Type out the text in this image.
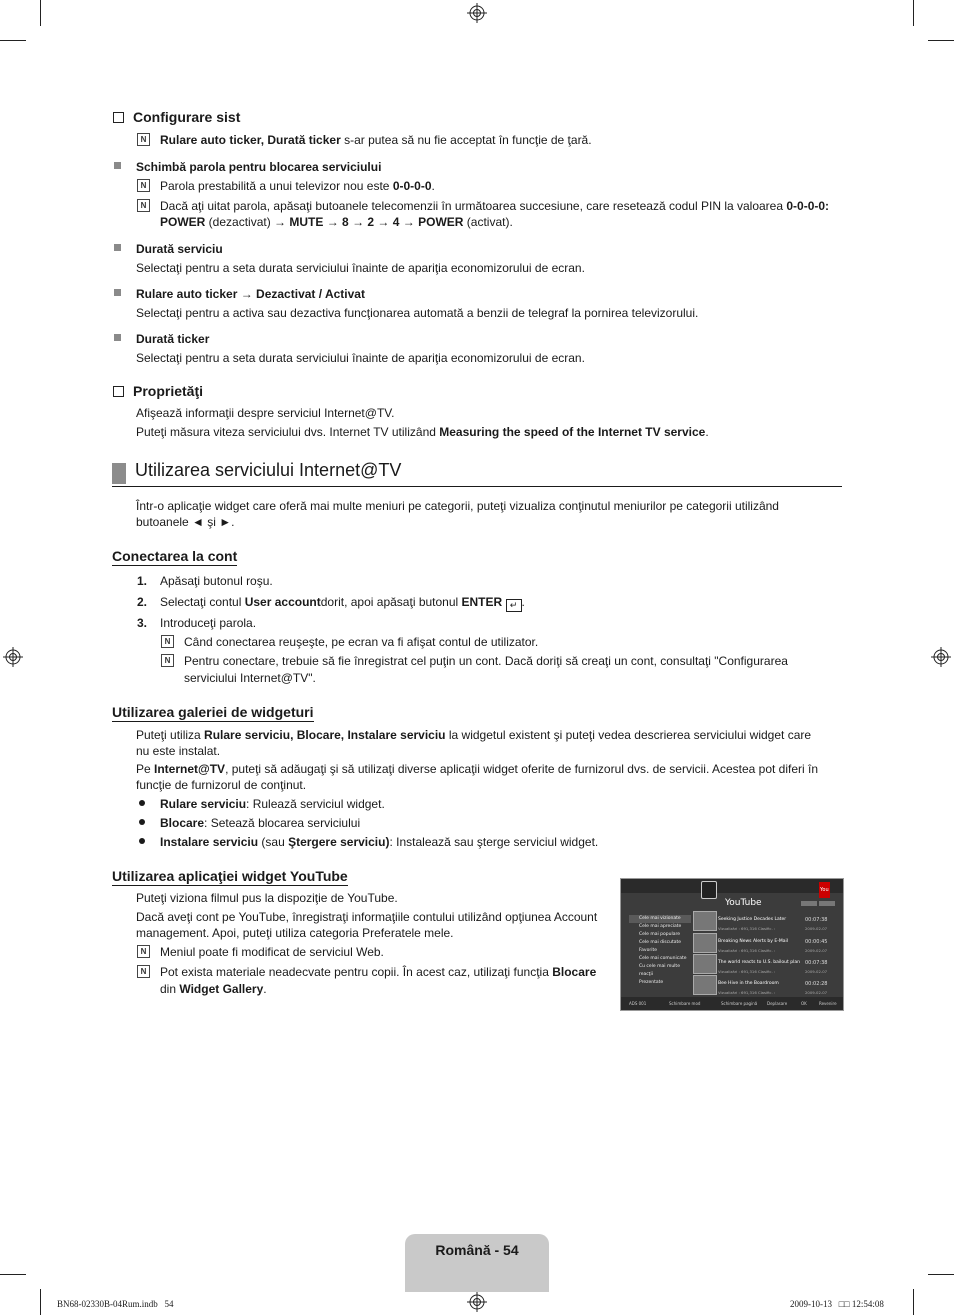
Configurare sist
N	Rulare auto ticker, Durată ticker s-ar putea să nu fie acceptat în funcţie de ţară.
Schimbă parola pentru blocarea serviciului
N	Parola prestabilită a unui televizor nou este 0-0-0-0.
N	Dacă aţi uitat parola, apăsaţi butoanele telecomenzii în următoarea succesiune, care resetează codul PIN la valoarea 0-0-0-0:
POWER (dezactivat) → MUTE → 8 → 2 → 4 → POWER (activat).
Durată serviciu
Selectaţi pentru a seta durata serviciului înainte de apariţia economizorului de ecran.
Rulare auto ticker → Dezactivat / Activat
Selectaţi pentru a activa sau dezactiva funcţionarea automată a benzii de telegraf la pornirea televizorului.
Durată ticker
Selectaţi pentru a seta durata serviciului înainte de apariţia economizorului de ecran.
Proprietăţi
Afişează informaţii despre serviciul Internet@TV.
Puteţi măsura viteza serviciului dvs. Internet TV utilizând Measuring the speed of the Internet TV service.
Utilizarea serviciului Internet@TV
Într-o aplicaţie widget care oferă mai multe meniuri pe categorii, puteţi vizualiza conţinutul meniurilor pe categorii utilizând
butoanele ◄ şi ►.
Conectarea la cont
1. Apăsaţi butonul roşu.
2. Selectaţi contul User accountdorit, apoi apăsaţi butonul ENTER ↵ .
3. Introduceţi parola.
N	Când conectarea reuşeşte, pe ecran va fi afişat contul de utilizator.
N	Pentru conectare, trebuie să fie înregistrat cel puţin un cont. Dacă doriţi să creaţi un cont, consultaţi "Configurarea
serviciului Internet@TV".
Utilizarea galeriei de widgeturi
Puteţi utiliza Rulare serviciu, Blocare, Instalare serviciu la widgetul existent şi puteţi vedea descrierea serviciului widget care
nu este instalat.
Pe Internet@TV, puteţi să adăugaţi şi să utilizaţi diverse aplicaţii widget oferite de furnizorul dvs. de servicii. Acestea pot diferi în
funcţie de furnizorul de conţinut.
Rulare serviciu: Rulează serviciul widget.
Blocare: Setează blocarea serviciului
Instalare serviciu (sau Ştergere serviciu): Instalează sau şterge serviciul widget.
Utilizarea aplicaţiei widget YouTube
Puteţi viziona filmul pus la dispoziţie de YouTube.
Dacă aveţi cont pe YouTube, înregistraţi informaţiile contului utilizând opţiunea Account
management. Apoi, puteţi utiliza categoria Preferatele mele.
N	Meniul poate fi modificat de serviciul Web.
N	Pot exista materiale neadecvate pentru copii. În acest caz, utilizaţi funcţia Blocare
din Widget Gallery.
YouTube
You
Cele mai vizionate
Cele mai apreciate
Cele mai populare
Cele mai discutate
Favorite
Cele mai comunicate
Cu cele mai multe reacţii
Prezentate
Seeking Justice Decades Later	00:07:38
Vizualizări : 691,316 Clasific. :	2009-02-07
Breaking News Alerts by E-Mail	00:00:45
Vizualizări : 691,316 Clasific. :	2009-02-07
The world reacts to U.S. bailout plan 00:07:38
Vizualizări : 691,316 Clasific. :	2009-02-07
Bee Hive in the Boardroom	00:02:28
Vizualizări : 691,316 Clasific. :	2009-02-07
ADS 001	Schimbare mod	Schimbare pagină Deplasare	OK	Revenire
Română - 54
BN68-02330B-04Rum.indb   54	2009-10-13   □□ 12:54:08
